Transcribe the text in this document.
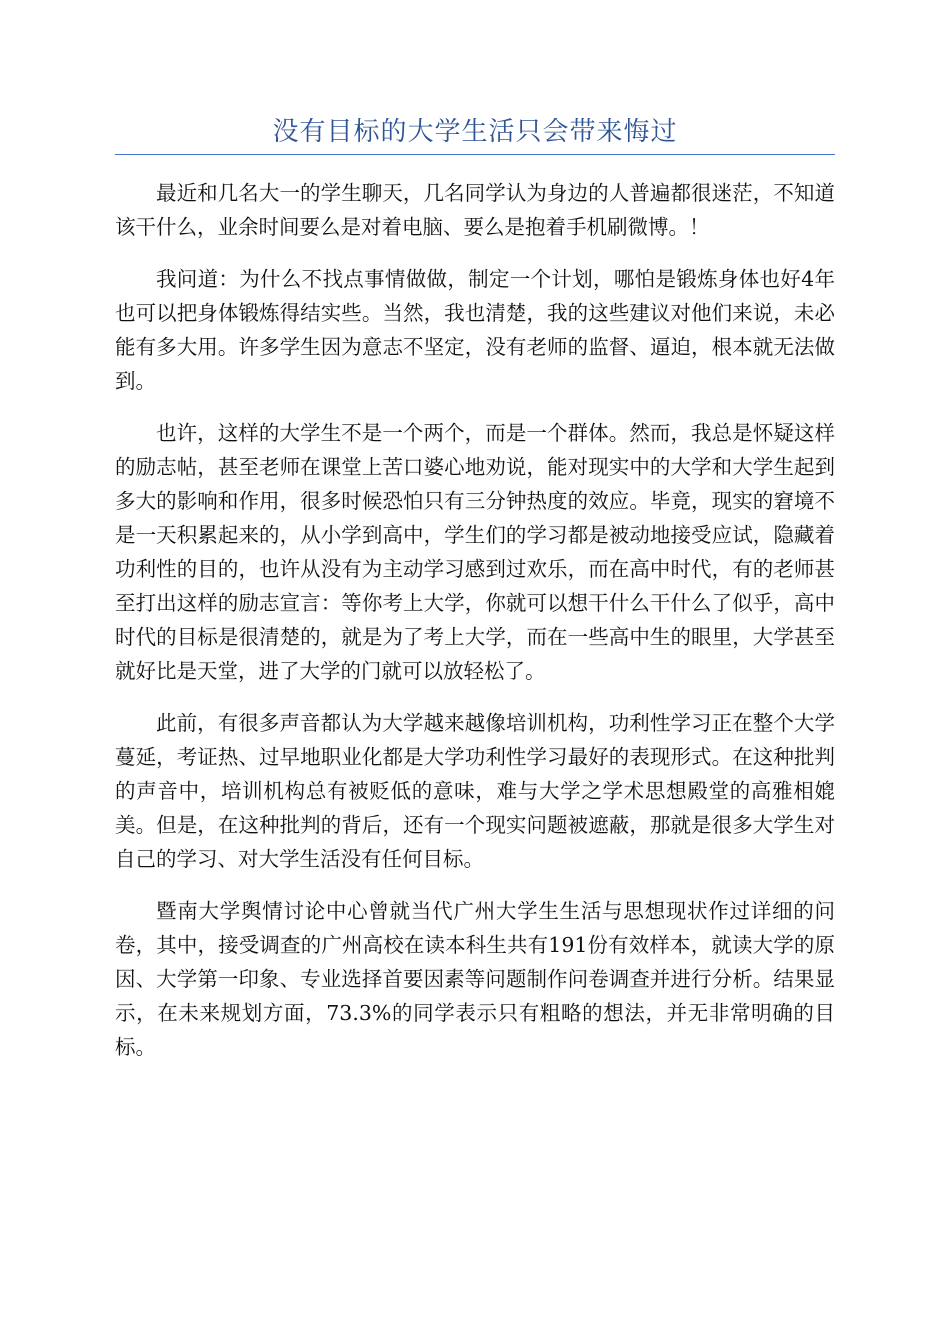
没有目标的大学生活只会带来悔过

最近和几名大一的学生聊天，几名同学认为身边的人普遍都很迷茫，不知道该干什么，业余时间要么是对着电脑、要么是抱着手机刷微博。！

我问道：为什么不找点事情做做，制定一个计划，哪怕是锻炼身体也好4年也可以把身体锻炼得结实些。当然，我也清楚，我的这些建议对他们来说，未必能有多大用。许多学生因为意志不坚定，没有老师的监督、逼迫，根本就无法做到。

也许，这样的大学生不是一个两个，而是一个群体。然而，我总是怀疑这样的励志帖，甚至老师在课堂上苦口婆心地劝说，能对现实中的大学和大学生起到多大的影响和作用，很多时候恐怕只有三分钟热度的效应。毕竟，现实的窘境不是一天积累起来的，从小学到高中，学生们的学习都是被动地接受应试，隐藏着功利性的目的，也许从没有为主动学习感到过欢乐，而在高中时代，有的老师甚至打出这样的励志宣言：等你考上大学，你就可以想干什么干什么了似乎，高中时代的目标是很清楚的，就是为了考上大学，而在一些高中生的眼里，大学甚至就好比是天堂，进了大学的门就可以放轻松了。

此前，有很多声音都认为大学越来越像培训机构，功利性学习正在整个大学蔓延，考证热、过早地职业化都是大学功利性学习最好的表现形式。在这种批判的声音中，培训机构总有被贬低的意味，难与大学之学术思想殿堂的高雅相媲美。但是，在这种批判的背后，还有一个现实问题被遮蔽，那就是很多大学生对自己的学习、对大学生活没有任何目标。

暨南大学舆情讨论中心曾就当代广州大学生生活与思想现状作过详细的问卷，其中，接受调查的广州高校在读本科生共有191份有效样本，就读大学的原因、大学第一印象、专业选择首要因素等问题制作问卷调查并进行分析。结果显示，在未来规划方面，73.3%的同学表示只有粗略的想法，并无非常明确的目标。
